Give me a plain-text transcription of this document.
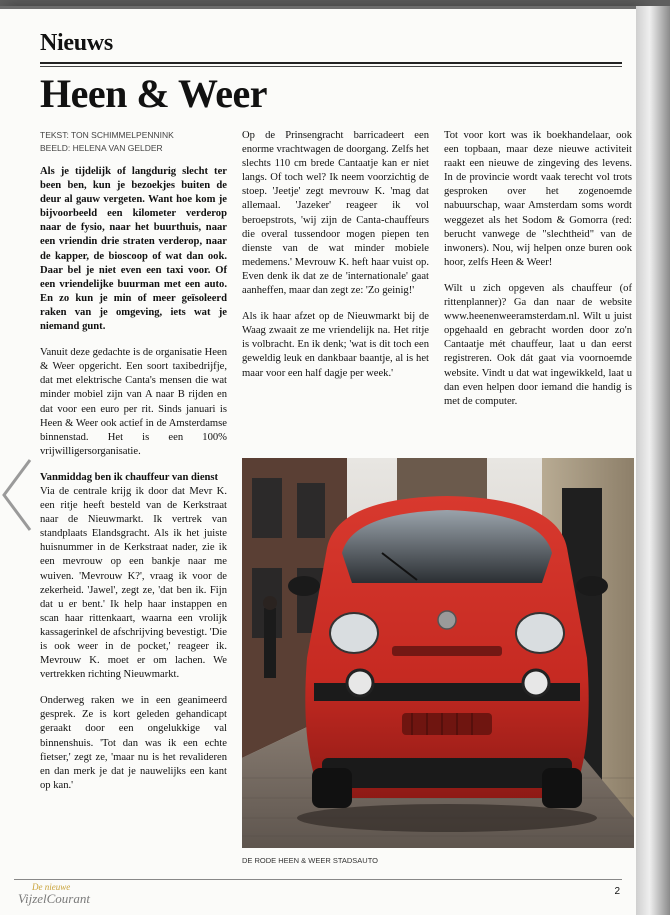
Nieuws
Heen & Weer
TEKST: TON SCHIMMELPENNINK
BEELD: HELENA VAN GELDER

Als je tijdelijk of langdurig slecht ter been ben, kun je bezoekjes buiten de deur al gauw vergeten. Want hoe kom je bijvoorbeeld een kilometer verderop naar de fysio, naar het buurthuis, naar een vriendin drie straten verderop, naar de kapper, de bioscoop of wat dan ook. Daar bel je niet even een taxi voor. Of een vriendelijke buurman met een auto. En zo kun je min of meer geïsoleerd raken van je omgeving, iets wat je niemand gunt.

Vanuit deze gedachte is de organisatie Heen & Weer opgericht. Een soort taxibedrijfje, dat met elektrische Canta's mensen die wat minder mobiel zijn van A naar B rijden en dat voor een euro per rit. Sinds januari is Heen & Weer ook actief in de Amsterdamse binnenstad. Het is een 100% vrijwilligersorganisatie.

Vanmiddag ben ik chauffeur van dienst

Via de centrale krijg ik door dat Mevr K. een ritje heeft besteld van de Kerkstraat naar de Nieuwmarkt. Ik vertrek van standplaats Elandsgracht. Als ik het juiste huisnummer in de Kerkstraat nader, zie ik een mevrouw op een bankje naar me wuiven. 'Mevrouw K?', vraag ik voor de zekerheid. 'Jawel', zegt ze, 'dat ben ik. Fijn dat u er bent.' Ik help haar instappen en scan haar rittenkaart, waarna een vrolijk kassagerinkel de afschrijving bevestigt. 'Die is ook weer in de pocket,' reageer ik. Mevrouw K. moet er om lachen. We vertrekken richting Nieuwmarkt.

Onderweg raken we in een geanimeerd gesprek. Ze is kort geleden gehandicapt geraakt door een ongelukkige val binnenshuis. 'Tot dan was ik een echte fietser,' zegt ze, 'maar nu is het revalideren en dan merk je dat je nauwelijks een kant op kan.'

Op de Prinsengracht barricadeert een enorme vrachtwagen de doorgang. Zelfs het slechts 110 cm brede Cantaatje kan er niet langs. Of toch wel? Ik neem voorzichtig de stoep. 'Jeetje' zegt mevrouw K. 'mag dat allemaal. 'Jazeker' reageer ik vol beroepstrots, 'wij zijn de Canta-chauffeurs die overal tussendoor mogen piepen ten dienste van de wat minder mobiele medemens.' Mevrouw K. heft haar vuist op. Even denk ik dat ze de 'internationale' gaat aanheffen, maar dan zegt ze: 'Zo geinig!'

Als ik haar afzet op de Nieuwmarkt bij de Waag zwaait ze me vriendelijk na. Het ritje is volbracht. En ik denk; 'wat is dit toch een geweldig leuk en dankbaar baantje, al is het maar voor een half dagje per week.'

Tot voor kort was ik boekhandelaar, ook een topbaan, maar deze nieuwe activiteit raakt een nieuwe de zingeving des levens. In de provincie wordt vaak terecht vol trots gesproken over het zogenoemde nabuurschap, waar Amsterdam soms wordt weggezet als het Sodom & Gomorra (red: berucht vanwege de "slechtheid" van de inwoners). Nou, wij helpen onze buren ook hoor, zelfs Heen & Weer!

Wilt u zich opgeven als chauffeur (of rittenplanner)? Ga dan naar de website www.heenenweeramsterdam.nl. Wilt u juist opgehaald en gebracht worden door zo'n Cantaatje mét chauffeur, laat u dan eerst registreren. Ook dát gaat via voornoemde website. Vindt u dat wat ingewikkeld, laat u dan even helpen door iemand die handig is met de computer.

DE RODE HEEN & WEER STADSAUTO
De nieuwe
VijzelCourant	2
